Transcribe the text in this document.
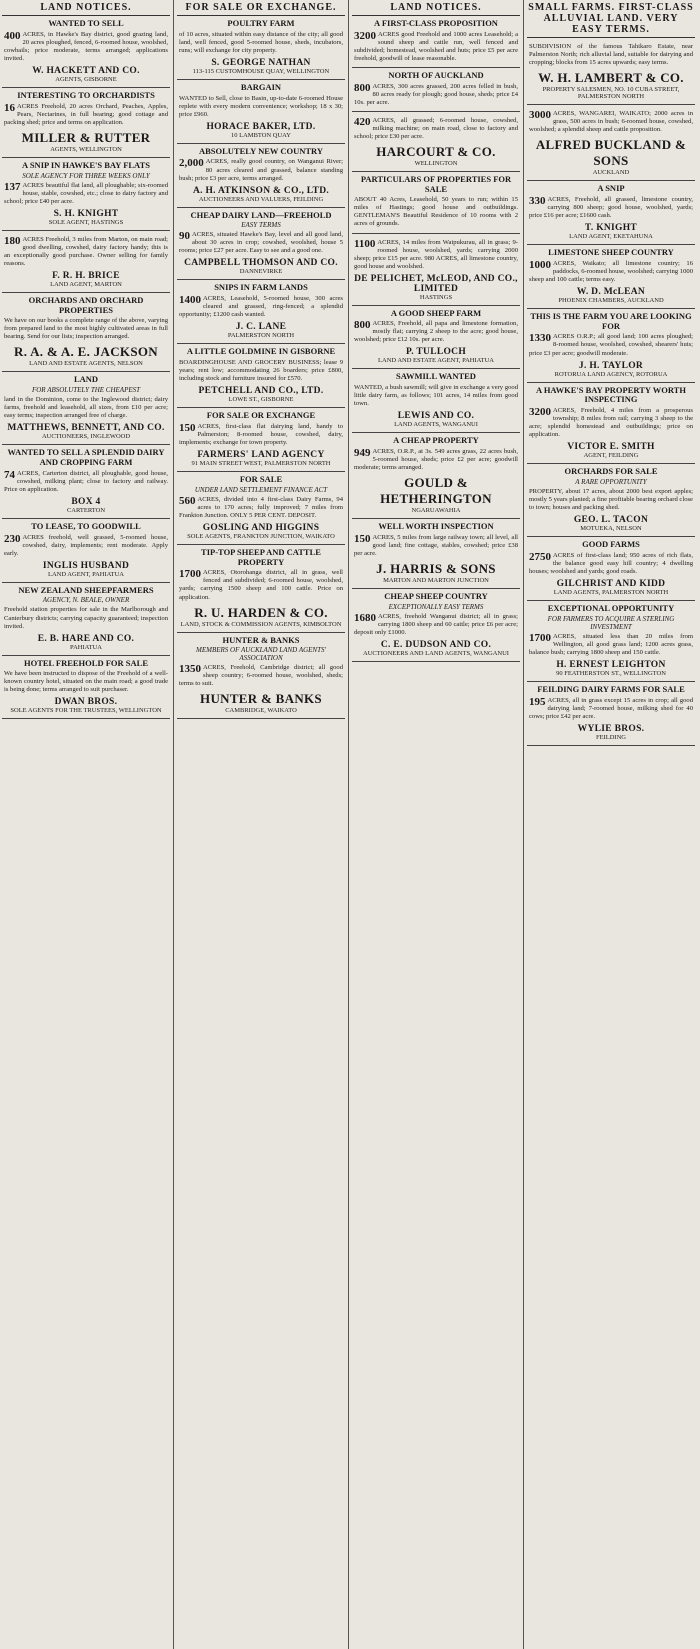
LAND NOTICES.
WANTED TO SELL
400 ACRES, in Hawke's Bay district, good grazing land, 20 acres ploughed, fenced, 6-roomed house, woolshed, cowbails; price moderate, terms arranged; applications invited.
W. HACKETT AND CO.
AGENTS, GISBORNE
INTERESTING TO ORCHARDISTS
16 ACRES Freehold, 20 acres Orchard, Peaches, Apples, Pears, Nectarines, in full bearing; good cottage and packing shed; price and terms on application.
MILLER & RUTTER
AGENTS, WELLINGTON
A SNIP IN HAWKE'S BAY FLATS
SOLE AGENCY FOR THREE WEEKS ONLY
137 ACRES beautiful flat land, all ploughable; six-roomed house, stable, cowshed, etc.; close to dairy factory and school; price £40 per acre.
S. H. KNIGHT
SOLE AGENT, HASTINGS
180 ACRES Freehold, 3 miles from Marton, on main road; good dwelling, cowshed, dairy factory handy; this is an exceptionally good purchase. Owner selling for family reasons.
F. R. H. BRICE
LAND AGENT, MARTON
ORCHARDS AND ORCHARD PROPERTIES
We have on our books a complete range of the above, varying from prepared land to the most highly cultivated areas in full bearing. Send for our lists; inspection arranged.
R. A. & A. E. JACKSON
LAND AND ESTATE AGENTS, NELSON
LAND
FOR ABSOLUTELY THE CHEAPEST
land in the Dominion, come to the Inglewood district; dairy farms, freehold and leasehold, all sizes, from £10 per acre; easy terms; inspection arranged free of charge.
MATTHEWS, BENNETT, AND CO.
AUCTIONEERS, INGLEWOOD
WANTED TO SELL A SPLENDID DAIRY AND CROPPING FARM
74 ACRES, Carterton district, all ploughable, good house, cowshed, milking plant; close to factory and railway. Price on application.
BOX 4
CARTERTON
TO LEASE, TO GOODWILL
230 ACRES freehold, well grassed, 5-roomed house, cowshed, dairy, implements; rent moderate. Apply early.
INGLIS HUSBAND
LAND AGENT, PAHIATUA
NEW ZEALAND SHEEPFARMERS
AGENCY, N. BEALE, OWNER
Freehold station properties for sale in the Marlborough and Canterbury districts; carrying capacity guaranteed; inspection invited.
E. B. HARE AND CO.
PAHIATUA
HOTEL FREEHOLD FOR SALE
We have been instructed to dispose of the Freehold of a well-known country hotel, situated on the main road; a good trade is being done; terms arranged to suit purchaser.
DWAN BROS.
SOLE AGENTS FOR THE TRUSTEES, WELLINGTON
FOR SALE OR EXCHANGE.
POULTRY FARM
of 10 acres, situated within easy distance of the city; all good land, well fenced, good 5-roomed house, sheds, incubators, runs; will exchange for city property.
S. GEORGE NATHAN
113-115 CUSTOMHOUSE QUAY, WELLINGTON
BARGAIN
WANTED to Sell, close to Basin, up-to-date 6-roomed House replete with every modern convenience; workshop; 18 x 30; price £960.
HORACE BAKER, LTD.
10 LAMBTON QUAY
ABSOLUTELY NEW COUNTRY
2,000 ACRES, really good country, on Wanganui River; 80 acres cleared and grassed, balance standing bush; price £3 per acre, terms arranged.
A. H. ATKINSON & CO., LTD.
AUCTIONEERS AND VALUERS, FEILDING
CHEAP DAIRY LAND—FREEHOLD
EASY TERMS
90 ACRES, situated Hawke's Bay, level and all good land, about 30 acres in crop; cowshed, woolshed, house 5 rooms; price £27 per acre. Easy to see and a good one.
CAMPBELL THOMSON AND CO.
DANNEVIRKE
SNIPS IN FARM LANDS
1400 ACRES, Leasehold, 5-roomed house, 300 acres cleared and grassed, ring-fenced; a splendid opportunity; £1200 cash wanted.
J. C. LANE
PALMERSTON NORTH
A LITTLE GOLDMINE IN GISBORNE
BOARDINGHOUSE AND GROCERY BUSINESS; lease 9 years; rent low; accommodating 26 boarders; price £800, including stock and furniture insured for £570.
PETCHELL AND CO., LTD.
LOWE ST., GISBORNE
FOR SALE OR EXCHANGE
150 ACRES, first-class flat dairying land, handy to Palmerston; 8-roomed house, cowshed, dairy, implements; exchange for town property.
FARMERS' LAND AGENCY
91 MAIN STREET WEST, PALMERSTON NORTH
FOR SALE
UNDER LAND SETTLEMENT FINANCE ACT
560 ACRES, divided into 4 first-class Dairy Farms, 94 acres to 170 acres; fully improved; 7 miles from Frankton Junction. ONLY 5 PER CENT. DEPOSIT.
GOSLING AND HIGGINS
SOLE AGENTS, FRANKTON JUNCTION, WAIKATO
TIP-TOP SHEEP AND CATTLE PROPERTY
1700 ACRES, Otorohanga district, all in grass, well fenced and subdivided; 6-roomed house, woolshed, yards; carrying 1500 sheep and 100 cattle. Price on application.
R. U. HARDEN & CO.
LAND, STOCK & COMMISSION AGENTS, KIMBOLTON
HUNTER & BANKS
MEMBERS OF AUCKLAND LAND AGENTS' ASSOCIATION
1350 ACRES, Freehold, Cambridge district; all good sheep country; 6-roomed house, woolshed, sheds; terms to suit.
HUNTER & BANKS
CAMBRIDGE, WAIKATO
LAND NOTICES.
A FIRST-CLASS PROPOSITION
3200 ACRES good Freehold and 1000 acres Leasehold; a sound sheep and cattle run, well fenced and subdivided; homestead, woolshed and huts; price £5 per acre freehold, goodwill of lease reasonable.
NORTH OF AUCKLAND
800 ACRES, 300 acres grassed, 200 acres felled in bush, 80 acres ready for plough; good house, sheds; price £4 10s. per acre.
420 ACRES, all grassed; 6-roomed house, cowshed, milking machine; on main road, close to factory and school; price £30 per acre.
HARCOURT & CO.
WELLINGTON
PARTICULARS OF PROPERTIES FOR SALE
ABOUT 40 Acres, Leasehold, 50 years to run; within 15 miles of Hastings; good house and outbuildings. GENTLEMAN'S Beautiful Residence of 10 rooms with 2 acres of grounds.
1100 ACRES, 14 miles from Waipukurau, all in grass; 9-roomed house, woolshed, yards; carrying 2000 sheep; price £15 per acre. 980 ACRES, all limestone country, good house and woolshed.
DE PELICHET, McLEOD, AND CO., LIMITED
HASTINGS
A GOOD SHEEP FARM
800 ACRES, Freehold, all papa and limestone formation, mostly flat; carrying 2 sheep to the acre; good house, woolshed; price £12 10s. per acre.
P. TULLOCH
LAND AND ESTATE AGENT, PAHIATUA
SAWMILL WANTED
WANTED, a bush sawmill; will give in exchange a very good little dairy farm, as follows; 101 acres, 14 miles from good town.
LEWIS AND CO.
LAND AGENTS, WANGANUI
A CHEAP PROPERTY
949 ACRES, O.R.P., at 3s. 549 acres grass, 22 acres bush, 5-roomed house, sheds; price £2 per acre; goodwill moderate; terms arranged.
GOULD & HETHERINGTON
NGARUAWAHIA
WELL WORTH INSPECTION
150 ACRES, 5 miles from large railway town; all level, all good land; fine cottage, stables, cowshed; price £38 per acre.
J. HARRIS & SONS
MARTON AND MARTON JUNCTION
CHEAP SHEEP COUNTRY
EXCEPTIONALLY EASY TERMS
1680 ACRES, freehold Wanganui district; all in grass; carrying 1800 sheep and 60 cattle; price £6 per acre; deposit only £1000.
C. E. DUDSON AND CO.
AUCTIONEERS AND LAND AGENTS, WANGANUI
SMALL FARMS. FIRST-CLASS ALLUVIAL LAND. VERY EASY TERMS.
SUBDIVISION of the famous Tahikaro Estate, near Palmerston North; rich alluvial land, suitable for dairying and cropping; blocks from 15 acres upwards; easy terms.
W. H. LAMBERT & CO.
PROPERTY SALESMEN, NO. 10 CUBA STREET, PALMERSTON NORTH
3000 ACRES, WANGAREI, WAIKATO; 2000 acres in grass, 500 acres in bush; 6-roomed house, cowshed, woolshed; a splendid sheep and cattle proposition.
ALFRED BUCKLAND & SONS
AUCKLAND
A SNIP
330 ACRES, Freehold, all grassed, limestone country, carrying 800 sheep; good house, woolshed, yards; price £16 per acre; £1600 cash.
T. KNIGHT
LAND AGENT, EKETAHUNA
LIMESTONE SHEEP COUNTRY
1000 ACRES, Waikato; all limestone country; 16 paddocks, 6-roomed house, woolshed; carrying 1000 sheep and 100 cattle; terms easy.
W. D. McLEAN
PHOENIX CHAMBERS, AUCKLAND
THIS IS THE FARM YOU ARE LOOKING FOR
1330 ACRES O.R.P.; all good land; 100 acres ploughed; 8-roomed house, woolshed, cowshed, shearers' huts; price £3 per acre; goodwill moderate.
J. H. TAYLOR
ROTORUA LAND AGENCY, ROTORUA
A HAWKE'S BAY PROPERTY WORTH INSPECTING
3200 ACRES, Freehold, 4 miles from a prosperous township; 8 miles from rail; carrying 3 sheep to the acre; splendid homestead and outbuildings; price on application.
VICTOR E. SMITH
AGENT, FEILDING
ORCHARDS FOR SALE
A RARE OPPORTUNITY
PROPERTY, about 17 acres, about 2000 best export apples; mostly 5 years planted; a fine profitable bearing orchard close to town; houses and packing shed.
GEO. L. TACON
MOTUEKA, NELSON
GOOD FARMS
2750 ACRES of first-class land; 950 acres of rich flats, the balance good easy hill country; 4 dwelling houses; woolshed and yards; good roads.
GILCHRIST AND KIDD
LAND AGENTS, PALMERSTON NORTH
EXCEPTIONAL OPPORTUNITY
FOR FARMERS TO ACQUIRE A STERLING INVESTMENT
1700 ACRES, situated less than 20 miles from Wellington, all good grass land; 1200 acres grass, balance bush; carrying 1800 sheep and 150 cattle.
H. ERNEST LEIGHTON
90 FEATHERSTON ST., WELLINGTON
FEILDING DAIRY FARMS FOR SALE
195 ACRES, all in grass except 15 acres in crop; all good dairying land; 7-roomed house, milking shed for 40 cows; price £42 per acre.
WYLIE BROS.
FEILDING
